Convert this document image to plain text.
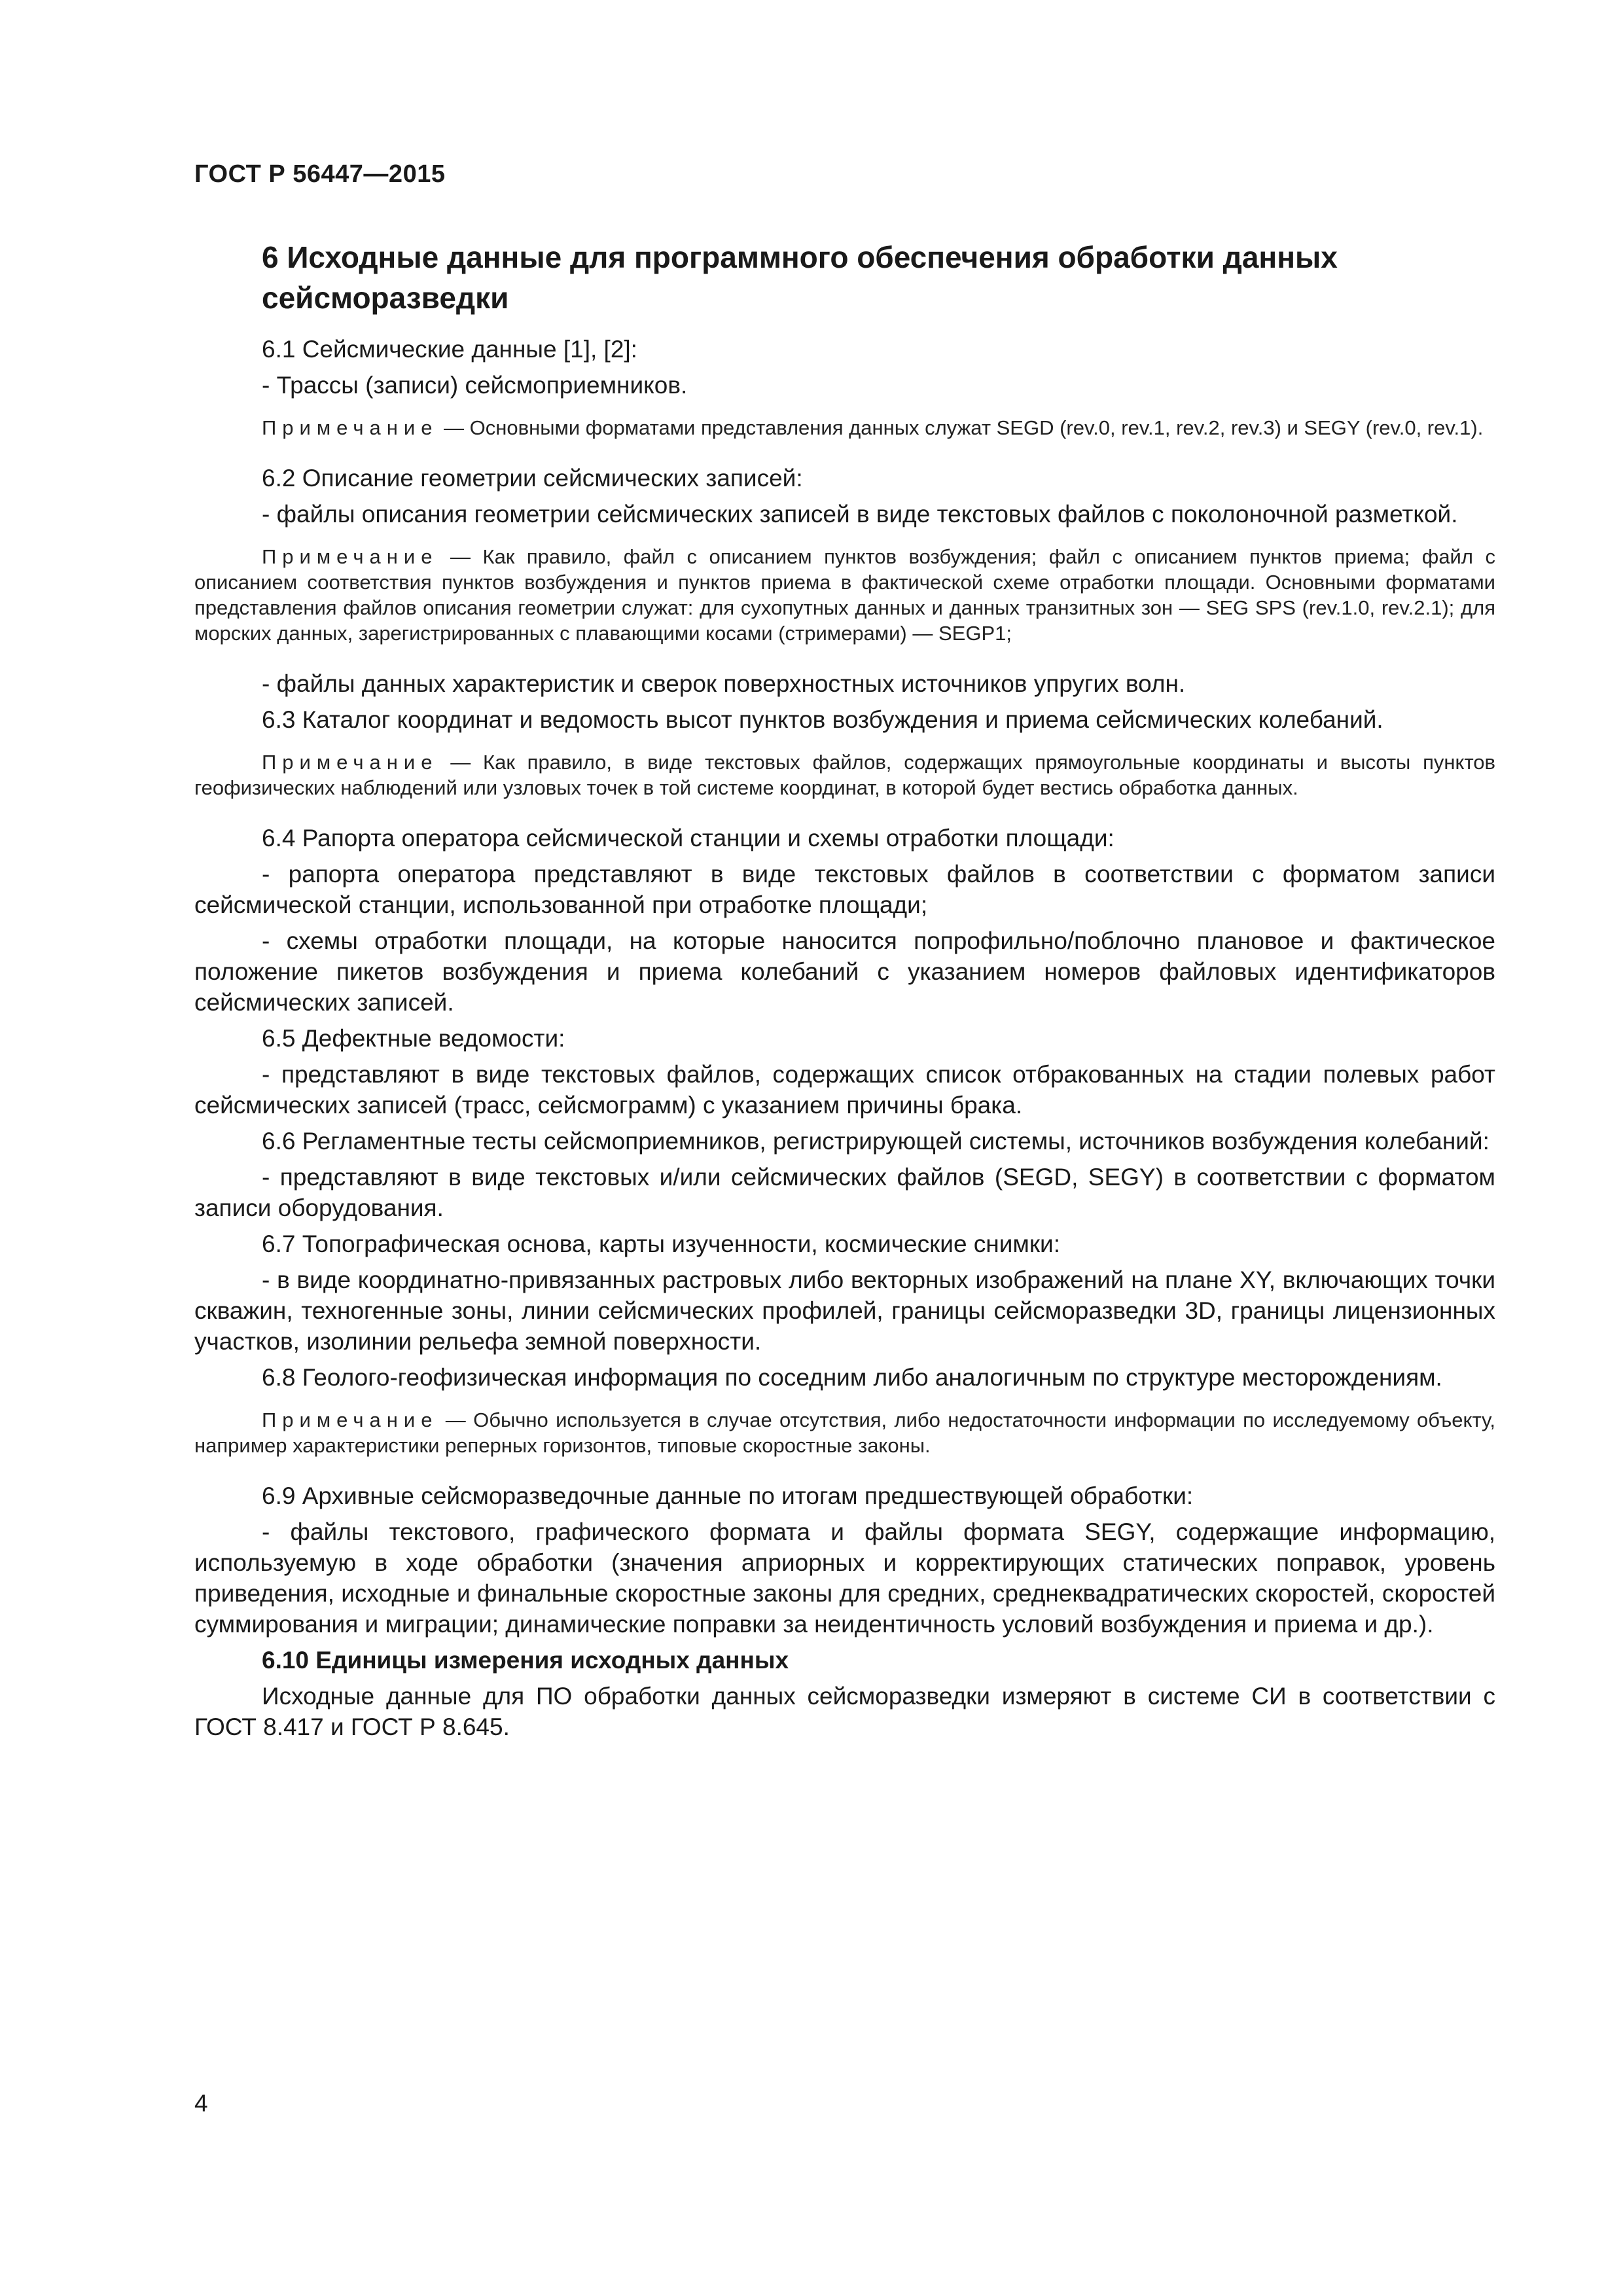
ГОСТ Р 56447—2015
6 Исходные данные для программного обеспечения обработки данных сейсморазведки

6.1 Сейсмические данные [1], [2]:

- Трассы (записи) сейсмоприемников.

Примечание — Основными форматами представления данных служат SEGD (rev.0, rev.1, rev.2, rev.3) и SEGY (rev.0, rev.1).

6.2 Описание геометрии сейсмических записей:

- файлы описания геометрии сейсмических записей в виде текстовых файлов с поколоночной разметкой.

Примечание — Как правило, файл с описанием пунктов возбуждения; файл с описанием пунктов приема; файл с описанием соответствия пунктов возбуждения и пунктов приема в фактической схеме отработки площади. Основными форматами представления файлов описания геометрии служат: для сухопутных данных и данных транзитных зон — SEG SPS (rev.1.0, rev.2.1); для морских данных, зарегистрированных с плавающими косами (стримерами) — SEGP1;

- файлы данных характеристик и сверок поверхностных источников упругих волн.

6.3 Каталог координат и ведомость высот пунктов возбуждения и приема сейсмических колебаний.

Примечание — Как правило, в виде текстовых файлов, содержащих прямоугольные координаты и высоты пунктов геофизических наблюдений или узловых точек в той системе координат, в которой будет вестись обработка данных.

6.4 Рапорта оператора сейсмической станции и схемы отработки площади:

- рапорта оператора представляют в виде текстовых файлов в соответствии с форматом записи сейсмической станции, использованной при отработке площади;

- схемы отработки площади, на которые наносится попрофильно/поблочно плановое и фактическое положение пикетов возбуждения и приема колебаний с указанием номеров файловых идентификаторов сейсмических записей.

6.5 Дефектные ведомости:

- представляют в виде текстовых файлов, содержащих список отбракованных на стадии полевых работ сейсмических записей (трасс, сейсмограмм) с указанием причины брака.

6.6 Регламентные тесты сейсмоприемников, регистрирующей системы, источников возбуждения колебаний:

- представляют в виде текстовых и/или сейсмических файлов (SEGD, SEGY) в соответствии с форматом записи оборудования.

6.7 Топографическая основа, карты изученности, космические снимки:

- в виде координатно-привязанных растровых либо векторных изображений на плане XY, включающих точки скважин, техногенные зоны, линии сейсмических профилей, границы сейсморазведки 3D, границы лицензионных участков, изолинии рельефа земной поверхности.

6.8 Геолого-геофизическая информация по соседним либо аналогичным по структуре месторождениям.

Примечание — Обычно используется в случае отсутствия, либо недостаточности информации по исследуемому объекту, например характеристики реперных горизонтов, типовые скоростные законы.

6.9 Архивные сейсморазведочные данные по итогам предшествующей обработки:

- файлы текстового, графического формата и файлы формата SEGY, содержащие информацию, используемую в ходе обработки (значения априорных и корректирующих статических поправок, уровень приведения, исходные и финальные скоростные законы для средних, среднеквадратических скоростей, скоростей суммирования и миграции; динамические поправки за неидентичность условий возбуждения и приема и др.).

6.10 Единицы измерения исходных данных

Исходные данные для ПО обработки данных сейсморазведки измеряют в системе СИ в соответствии с ГОСТ 8.417 и ГОСТ Р 8.645.

4
